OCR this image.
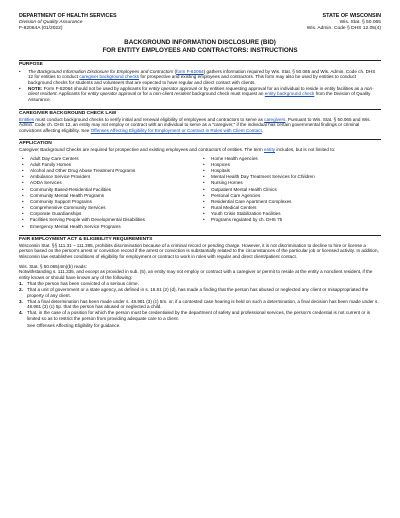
DEPARTMENT OF HEALTH SERVICES
Division of Quality Assurance
F-82064A (01/2022)
STATE OF WISCONSIN
Wis. Stat. § 50.065
Wis. Admin. Code § DHS 12.05(4)
BACKGROUND INFORMATION DISCLOSURE (BID)
FOR ENTITY EMPLOYEES AND CONTRACTORS: INSTRUCTIONS
PURPOSE
•	The Background Information Disclosure for Employees and Contractors (form F-82064) gathers information required by Wis. Stat. § 50.065 and Wis. Admin. Code ch. DHS 12 for entities to conduct caregiver background checks for prospective and existing employees and contractors. This form may also be used by entities to conduct background checks for students and volunteers that are expected to have regular and direct contact with clients.

•	NOTE: Form F-82064 should not be used by applicants for entity operator approval or by entities requesting approval for an individual to reside in entity facilities as a non-client resident. Applicants for entity operator approval or for a non-client resident background check must request an entity background check from the Division of Quality Assurance.

CAREGIVER BACKGROUND CHECK LAW

Entities must conduct background checks to verify initial and renewal eligibility of employees and contractors to serve as caregivers. Pursuant to Wis. Stat. § 50.065 and Wis. Admin. Code ch. DHS 12, an entity may not employ or contract with an individual to serve as a "caregiver," if the individual has certain governmental findings or criminal convictions affecting eligibility. See Offenses Affecting Eligibility for Employment or Contract in Roles with Client Contact.

APPLICATION

Caregiver Background Checks are required for prospective and existing employees and contractors of entities. The term entity includes, but is not limited to:

•	Adult Day Care Centers
•	Adult Family Homes
•	Alcohol and Other Drug Abuse Treatment Programs
•	Ambulance Service Providers
•	AODA Services
•	Community Based-Residential Facilities
•	Community Mental Health Programs
•	Community Support Programs
•	Comprehensive Community Services
•	Corporate Guardianships
•	Facilities Serving People with Developmental Disabilities
•	Emergency Mental Health Service Programs
•	Home Health Agencies
•	Hospices
•	Hospitals
•	Mental Health Day Treatment Services for Children
•	Nursing Homes
•	Outpatient Mental Health Clinics
•	Personal Care Agencies
•	Residential Care Apartment Complexes
•	Rural Medical Centers
•	Youth Crisis Stabilization Facilities
•	Programs regulated by ch. DHS 75
FAIR EMPLOYMENT ACT & ELIGIBILITY REQUIREMENTS

Wisconsin Stat. §§ 111.31 – 111.395, prohibits discrimination because of a criminal record or pending charge. However, it is not discrimination to decline to hire or license a person based on the person's arrest or conviction record if the arrest or conviction is substantially related to the circumstances of the particular job or licensed activity. In addition, Wisconsin law establishes conditions of eligibility for employment or contract to work in roles with regular and direct client/patient contact.

Wis. Stat. § 50.065(4m)(b) reads:

Notwithstanding s. 111.335, and except as provided in sub. (5), an entity may not employ or contract with a caregiver or permit to reside at the entity a nonclient resident, if the entity knows or should have known any of the following:

1. That the person has been convicted of a serious crime.
2. That a unit of government or a state agency, as defined in s. 16.61 (2) (d), has made a finding that the person has abused or neglected any client or misappropriated the property of any client.
3. That a final determination has been made under s. 48.981 (3) (c) 5m. or, if a contested case hearing is held on such a determination, a final decision has been made under s. 48.981 (3) (c) 5p. that the person has abused or neglected a child.
4. That, in the case of a position for which the person must be credentialed by the department of safety and professional services, the person's credential is not current or is limited so as to restrict the person from providing adequate care to a client.

See Offenses Affecting Eligibility for guidance.
